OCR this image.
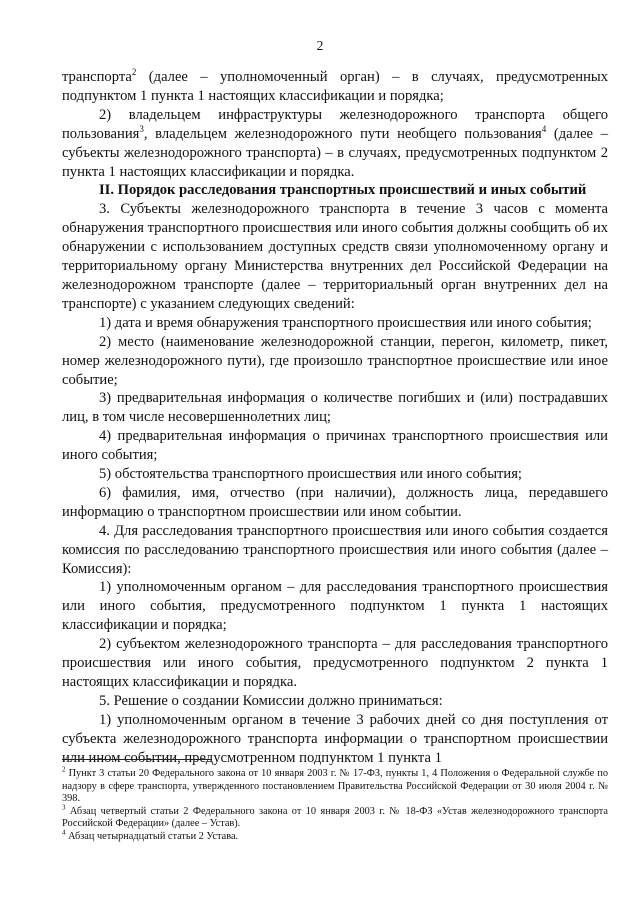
2

транспорта$^2$ (далее – уполномоченный орган) – в случаях, предусмотренных подпунктом 1 пункта 1 настоящих классификации и порядка;

2) владельцем инфраструктуры железнодорожного транспорта общего пользования$^3$, владельцем железнодорожного пути необщего пользования$^4$ (далее – субъекты железнодорожного транспорта) – в случаях, предусмотренных подпунктом 2 пункта 1 настоящих классификации и порядка.

II. Порядок расследования транспортных происшествий и иных событий

3. Субъекты железнодорожного транспорта в течение 3 часов с момента обнаружения транспортного происшествия или иного события должны сообщить об их обнаружении с использованием доступных средств связи уполномоченному органу и территориальному органу Министерства внутренних дел Российской Федерации на железнодорожном транспорте (далее – территориальный орган внутренних дел на транспорте) с указанием следующих сведений:

1) дата и время обнаружения транспортного происшествия или иного события;

2) место (наименование железнодорожной станции, перегон, километр, пикет, номер железнодорожного пути), где произошло транспортное происшествие или иное событие;

3) предварительная информация о количестве погибших и (или) пострадавших лиц, в том числе несовершеннолетних лиц;

4) предварительная информация о причинах транспортного происшествия или иного события;

5) обстоятельства транспортного происшествия или иного события;

6) фамилия, имя, отчество (при наличии), должность лица, передавшего информацию о транспортном происшествии или ином событии.

4. Для расследования транспортного происшествия или иного события создается комиссия по расследованию транспортного происшествия или иного события (далее – Комиссия):

1) уполномоченным органом – для расследования транспортного происшествия или иного события, предусмотренного подпунктом 1 пункта 1 настоящих классификации и порядка;

2) субъектом железнодорожного транспорта – для расследования транспортного происшествия или иного события, предусмотренного подпунктом 2 пункта 1 настоящих классификации и порядка.

5. Решение о создании Комиссии должно приниматься:

1) уполномоченным органом в течение 3 рабочих дней со дня поступления от субъекта железнодорожного транспорта информации о транспортном происшествии или ином событии, предусмотренном подпунктом 1 пункта 1

$^2$ Пункт 3 статьи 20 Федерального закона от 10 января 2003 г. № 17-ФЗ, пункты 1, 4 Положения о Федеральной службе по надзору в сфере транспорта, утвержденного постановлением Правительства Российской Федерации от 30 июля 2004 г. № 398.

$^3$ Абзац четвертый статьи 2 Федерального закона от 10 января 2003 г. № 18-ФЗ «Устав железнодорожного транспорта Российской Федерации» (далее – Устав).

$^4$ Абзац четырнадцатый статьи 2 Устава.
